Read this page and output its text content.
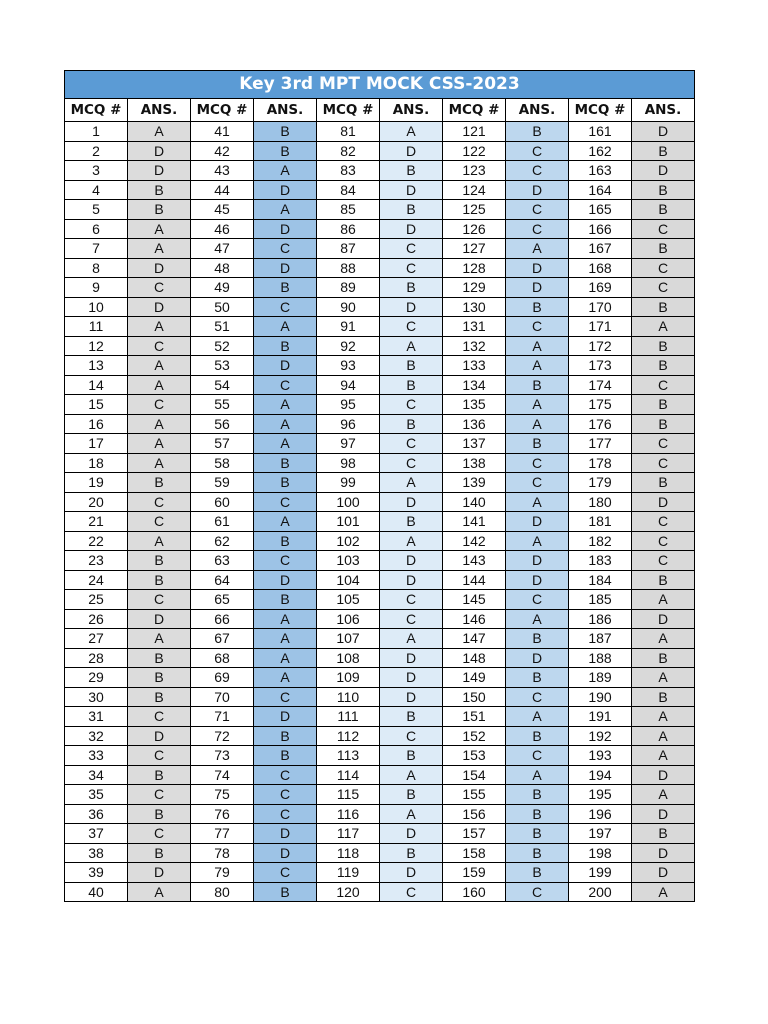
Key 3rd MPT MOCK CSS-2023
MCQ #	ANS.	MCQ #	ANS.	MCQ #	ANS.	MCQ #	ANS.	MCQ #	ANS.
1	A	41	B	81	A	121	B	161	D
2	D	42	B	82	D	122	C	162	B
3	D	43	A	83	B	123	C	163	D
4	B	44	D	84	D	124	D	164	B
5	B	45	A	85	B	125	C	165	B
6	A	46	D	86	D	126	C	166	C
7	A	47	C	87	C	127	A	167	B
8	D	48	D	88	C	128	D	168	C
9	C	49	B	89	B	129	D	169	C
10	D	50	C	90	D	130	B	170	B
11	A	51	A	91	C	131	C	171	A
12	C	52	B	92	A	132	A	172	B
13	A	53	D	93	B	133	A	173	B
14	A	54	C	94	B	134	B	174	C
15	C	55	A	95	C	135	A	175	B
16	A	56	A	96	B	136	A	176	B
17	A	57	A	97	C	137	B	177	C
18	A	58	B	98	C	138	C	178	C
19	B	59	B	99	A	139	C	179	B
20	C	60	C	100	D	140	A	180	D
21	C	61	A	101	B	141	D	181	C
22	A	62	B	102	A	142	A	182	C
23	B	63	C	103	D	143	D	183	C
24	B	64	D	104	D	144	D	184	B
25	C	65	B	105	C	145	C	185	A
26	D	66	A	106	C	146	A	186	D
27	A	67	A	107	A	147	B	187	A
28	B	68	A	108	D	148	D	188	B
29	B	69	A	109	D	149	B	189	A
30	B	70	C	110	D	150	C	190	B
31	C	71	D	111	B	151	A	191	A
32	D	72	B	112	C	152	B	192	A
33	C	73	B	113	B	153	C	193	A
34	B	74	C	114	A	154	A	194	D
35	C	75	C	115	B	155	B	195	A
36	B	76	C	116	A	156	B	196	D
37	C	77	D	117	D	157	B	197	B
38	B	78	D	118	B	158	B	198	D
39	D	79	C	119	D	159	B	199	D
40	A	80	B	120	C	160	C	200	A
